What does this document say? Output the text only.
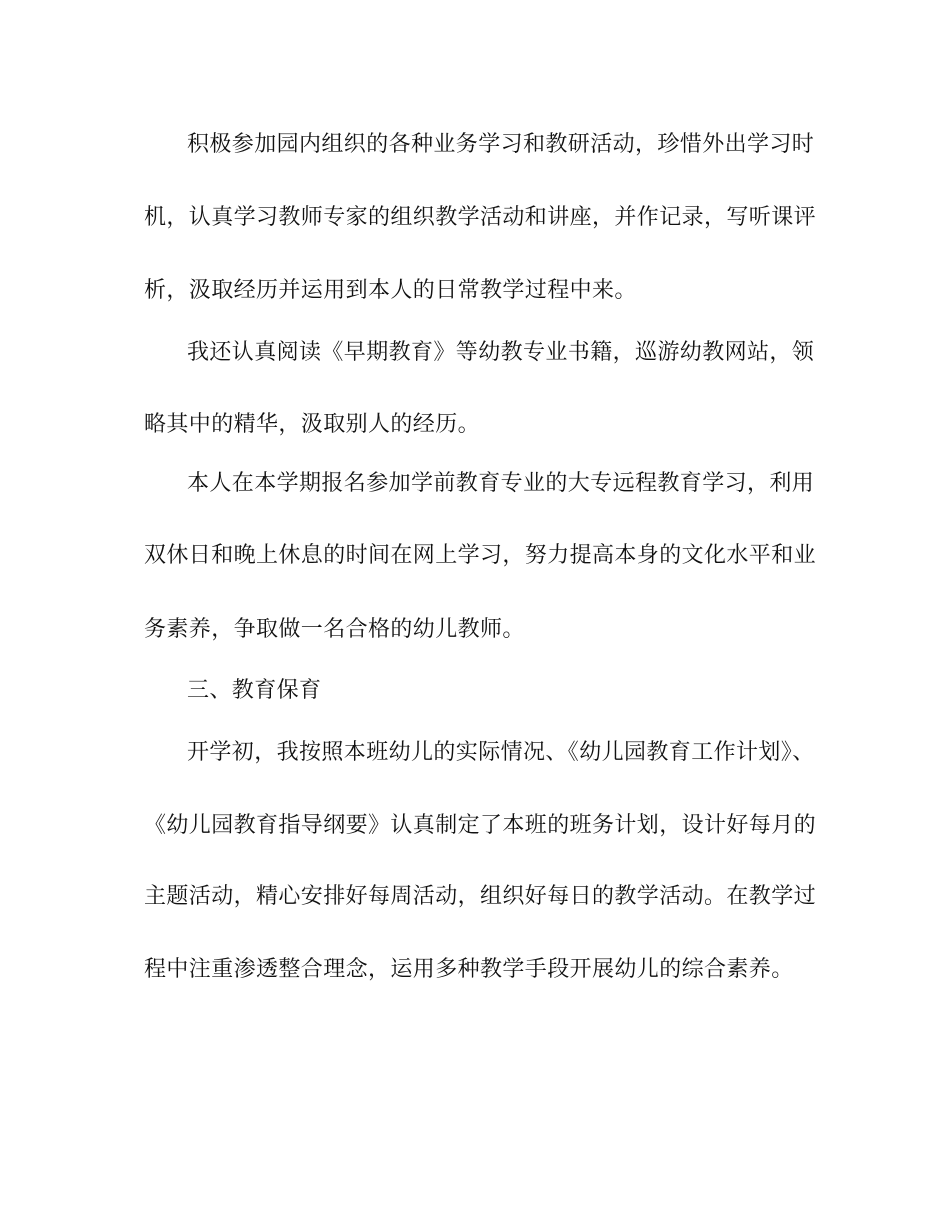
积极参加园内组织的各种业务学习和教研活动，珍惜外出学习时
机，认真学习教师专家的组织教学活动和讲座，并作记录，写听课评
析，汲取经历并运用到本人的日常教学过程中来。
我还认真阅读《早期教育》等幼教专业书籍，巡游幼教网站，领
略其中的精华，汲取别人的经历。
本人在本学期报名参加学前教育专业的大专远程教育学习，利用
双休日和晚上休息的时间在网上学习，努力提高本身的文化水平和业
务素养，争取做一名合格的幼儿教师。
三、教育保育
开学初，我按照本班幼儿的实际情况、《幼儿园教育工作计划》、
《幼儿园教育指导纲要》认真制定了本班的班务计划，设计好每月的
主题活动，精心安排好每周活动，组织好每日的教学活动。在教学过
程中注重渗透整合理念，运用多种教学手段开展幼儿的综合素养。
